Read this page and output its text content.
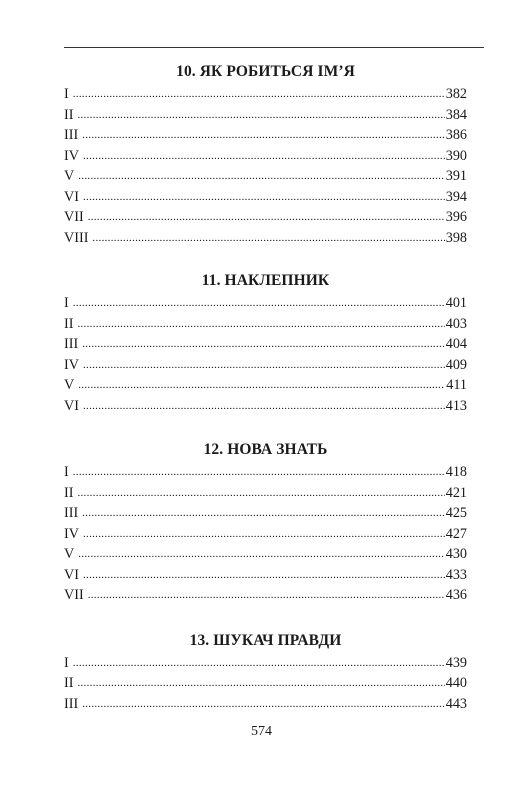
10. ЯК РОБИТЬСЯ ІМ’Я
I .....	382
II .....	384
III .....	386
IV .....	390
V .....	391
VI .....	394
VII .....	396
VIII .....	398
11. НАКЛЕПНИК
I .....	401
II .....	403
III .....	404
IV .....	409
V .....	411
VI .....	413
12. НОВА ЗНАТЬ
I .....	418
II .....	421
III .....	425
IV .....	427
V .....	430
VI .....	433
VII .....	436
13. ШУКАЧ ПРАВДИ
I .....	439
II .....	440
III .....	443
574
